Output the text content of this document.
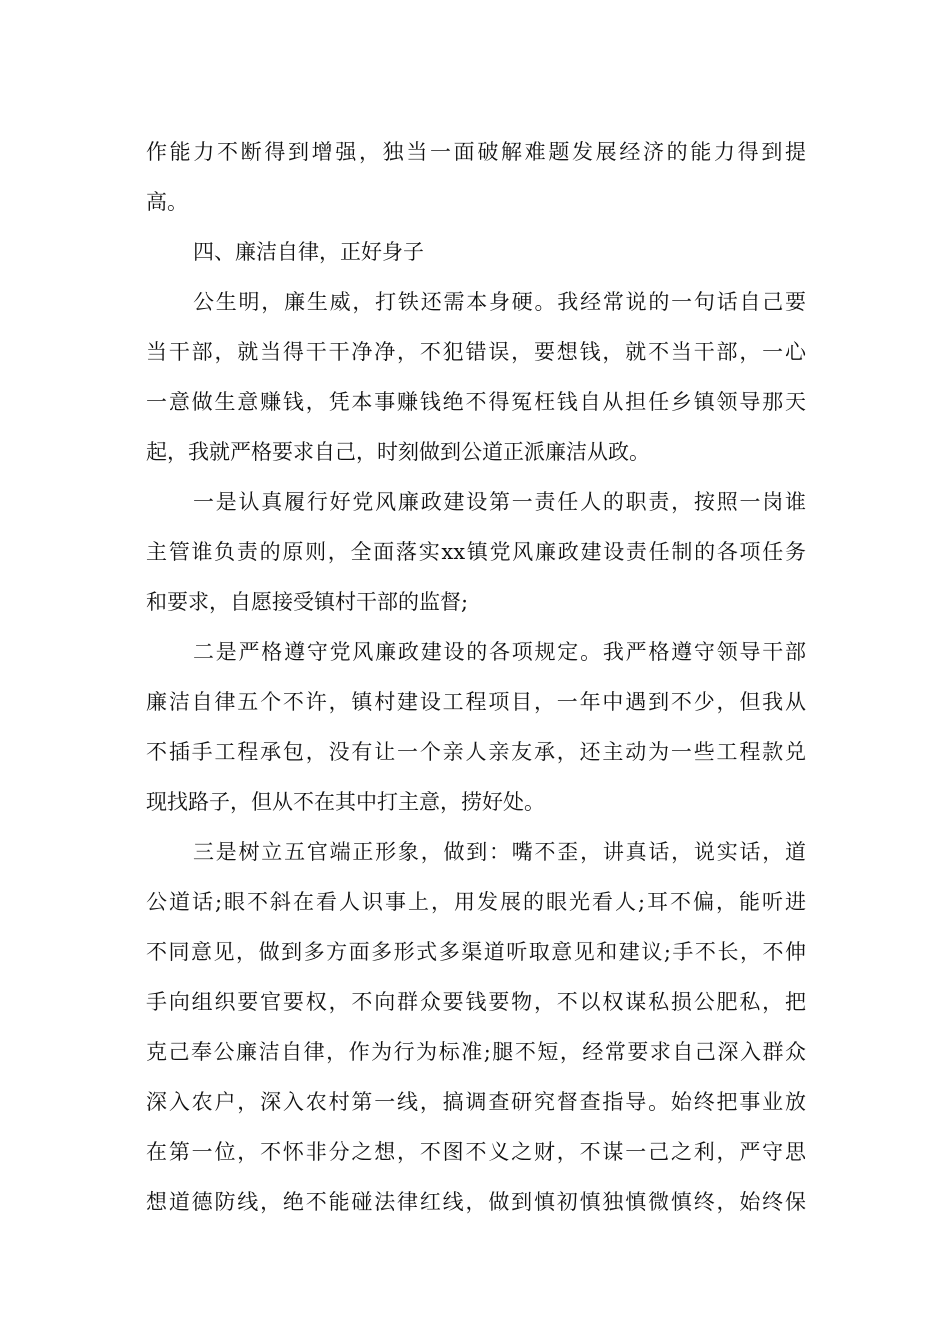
作能力不断得到增强，独当一面破解难题发展经济的能力得到提

高。

四、廉洁自律，正好身子

公生明，廉生威，打铁还需本身硬。我经常说的一句话自己要

当干部，就当得干干净净，不犯错误，要想钱，就不当干部，一心

一意做生意赚钱，凭本事赚钱绝不得冤枉钱自从担任乡镇领导那天

起，我就严格要求自己，时刻做到公道正派廉洁从政。

一是认真履行好党风廉政建设第一责任人的职责，按照一岗谁

主管谁负责的原则，全面落实xx镇党风廉政建设责任制的各项任务

和要求，自愿接受镇村干部的监督;

二是严格遵守党风廉政建设的各项规定。我严格遵守领导干部

廉洁自律五个不许，镇村建设工程项目，一年中遇到不少，但我从

不插手工程承包，没有让一个亲人亲友承，还主动为一些工程款兑

现找路子，但从不在其中打主意，捞好处。

三是树立五官端正形象，做到：嘴不歪，讲真话，说实话，道

公道话;眼不斜在看人识事上，用发展的眼光看人;耳不偏，能听进

不同意见，做到多方面多形式多渠道听取意见和建议;手不长，不伸

手向组织要官要权，不向群众要钱要物，不以权谋私损公肥私，把

克己奉公廉洁自律，作为行为标准;腿不短，经常要求自己深入群众

深入农户，深入农村第一线，搞调查研究督查指导。始终把事业放

在第一位，不怀非分之想，不图不义之财，不谋一己之利，严守思

想道德防线，绝不能碰法律红线，做到慎初慎独慎微慎终，始终保
